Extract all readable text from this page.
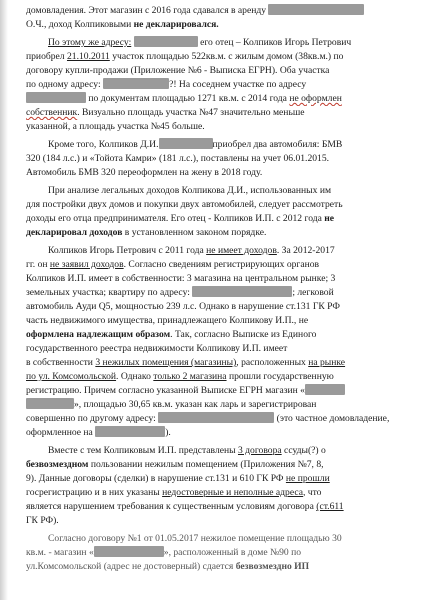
домовладения. Этот магазин с 2016 года сдавался в аренду
О.Ч., доход Колпиковыми не декларировался.
По этому же адресу:	его отец – Колпиков Игорь Петрович
приобрел 21.10.2011 участок площадью 522кв.м. с жилым домом (38кв.м.) по
договору купли-продажи (Приложение №6 - Выписка ЕГРН). Оба участка
по одному адресу:	?! На соседнем участке по адресу
по документам площадью 1271 кв.м. с 2014 года не оформлен
собственник. Визуально площадь участка №47 значительно меньше
указанной, а площадь участка №45 больше.
Кроме того, Колпиков Д.И.	приобрел два автомобиля: БМВ
320 (184 л.с.) и «Тойота Камри» (181 л.с.), поставлены на учет 06.01.2015.
Автомобиль БМВ 320 переоформлен на жену в 2018 году.
При анализе легальных доходов Колпикова Д.И., использованных им
для постройки двух домов и покупки двух автомобилей, следует рассмотреть
доходы его отца предпринимателя. Его отец - Колпиков И.П. с 2012 года не
декларировал доходов в установленном законом порядке.
Колпиков Игорь Петрович с 2011 года не имеет доходов. За 2012-2017
гг. он не заявил доходов. Согласно сведениям регистрирующих органов
Колпиков И.П. имеет в собственности: 3 магазина на центральном рынке; 3
земельных участка; квартиру по адресу:	; легковой
автомобиль Ауди Q5, мощностью 239 л.с. Однако в нарушение ст.131 ГК РФ
часть недвижимого имущества, принадлежащего Колпикову И.П., не
оформлена надлежащим образом. Так, согласно Выписке из Единого
государственного реестра недвижимости Колпикову И.П. имеет
в собственности 3 нежилых помещения (магазины), расположенных на рынке
по ул. Комсомольской. Однако только 2 магазина прошли государственную
регистрацию. Причем согласно указанной Выписке ЕГРН магазин «
», площадью 30,65 кв.м. указан как ларь и зарегистрирован
совершенно по другому адресу:	(это частное домовладение,
оформленное на	).
Вместе с тем Колпиковым И.П. представлены 3 договора ссуды(?) о
безвозмездном пользовании нежилым помещением (Приложения №7, 8,
9). Данные договоры (сделки) в нарушение ст.131 и 610 ГК РФ не прошли
госрегистрацию и в них указаны недостоверные и неполные адреса, что
является нарушением требования к существенным условиям договора (ст.611
ГК РФ).
Согласно договору №1 от 01.05.2017 нежилое помещение площадью 30
кв.м. - магазин «	», расположенный в доме №90 по
ул.Комсомольской (адрес не достоверный) сдается безвозмездно ИП
